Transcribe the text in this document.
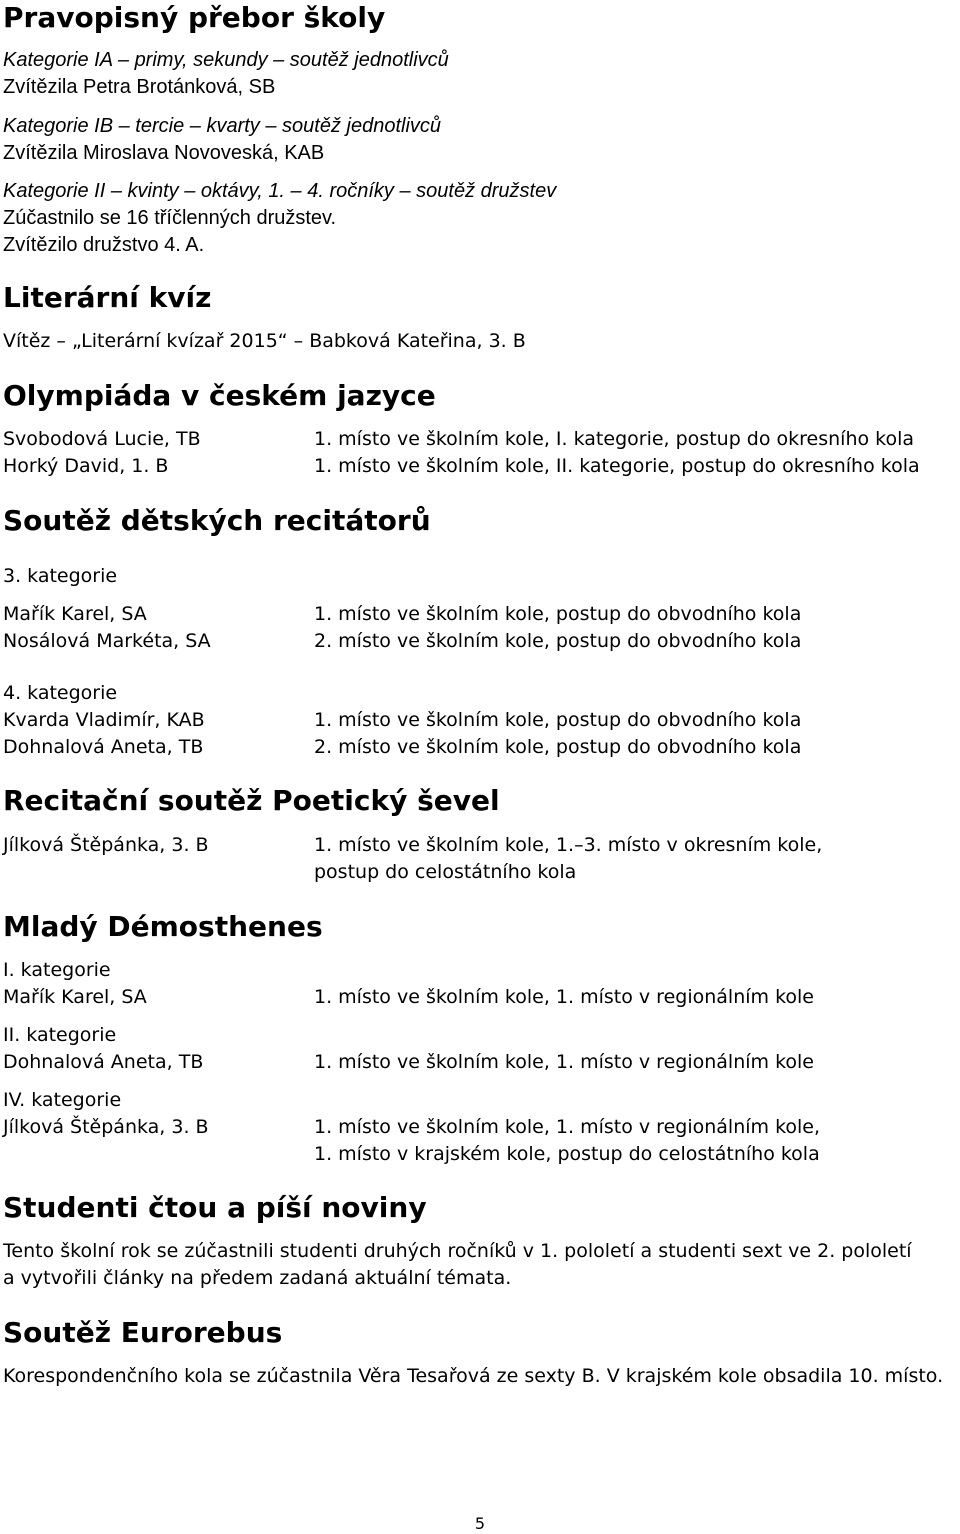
Pravopisný přebor školy

Kategorie IA – primy, sekundy – soutěž jednotlivců

Zvítězila Petra Brotánková, SB

Kategorie IB – tercie – kvarty – soutěž jednotlivců

Zvítězila Miroslava Novoveská, KAB

Kategorie II – kvinty – oktávy, 1. – 4. ročníky – soutěž družstev

Zúčastnilo se 16 tříčlenných družstev.

Zvítězilo družstvo 4. A.

Literární kvíz

Vítěz – „Literární kvízař 2015“ – Babková Kateřina, 3. B

Olympiáda v českém jazyce

Svobodová Lucie, TB	1. místo ve školním kole, I. kategorie, postup do okresního kola

Horký David, 1. B	1. místo ve školním kole, II. kategorie, postup do okresního kola

Soutěž dětských recitátorů

3. kategorie

Mařík Karel, SA	1. místo ve školním kole, postup do obvodního kola

Nosálová Markéta, SA	2. místo ve školním kole, postup do obvodního kola

4. kategorie

Kvarda Vladimír, KAB	1. místo ve školním kole, postup do obvodního kola

Dohnalová Aneta, TB	2. místo ve školním kole, postup do obvodního kola

Recitační soutěž Poetický ševel

Jílková Štěpánka, 3. B	1. místo ve školním kole, 1.–3. místo v okresním kole,

postup do celostátního kola

Mladý Démosthenes

I. kategorie

Mařík Karel, SA	1. místo ve školním kole, 1. místo v regionálním kole

II. kategorie

Dohnalová Aneta, TB	1. místo ve školním kole, 1. místo v regionálním kole

IV. kategorie

Jílková Štěpánka, 3. B	1. místo ve školním kole, 1. místo v regionálním kole,

1. místo v krajském kole, postup do celostátního kola

Studenti čtou a píší noviny

Tento školní rok se zúčastnili studenti druhých ročníků v 1. pololetí a studenti sext ve 2. pololetí

a vytvořili články na předem zadaná aktuální témata.

Soutěž Eurorebus

Korespondenčního kola se zúčastnila Věra Tesařová ze sexty B. V krajském kole obsadila 10. místo.

5
